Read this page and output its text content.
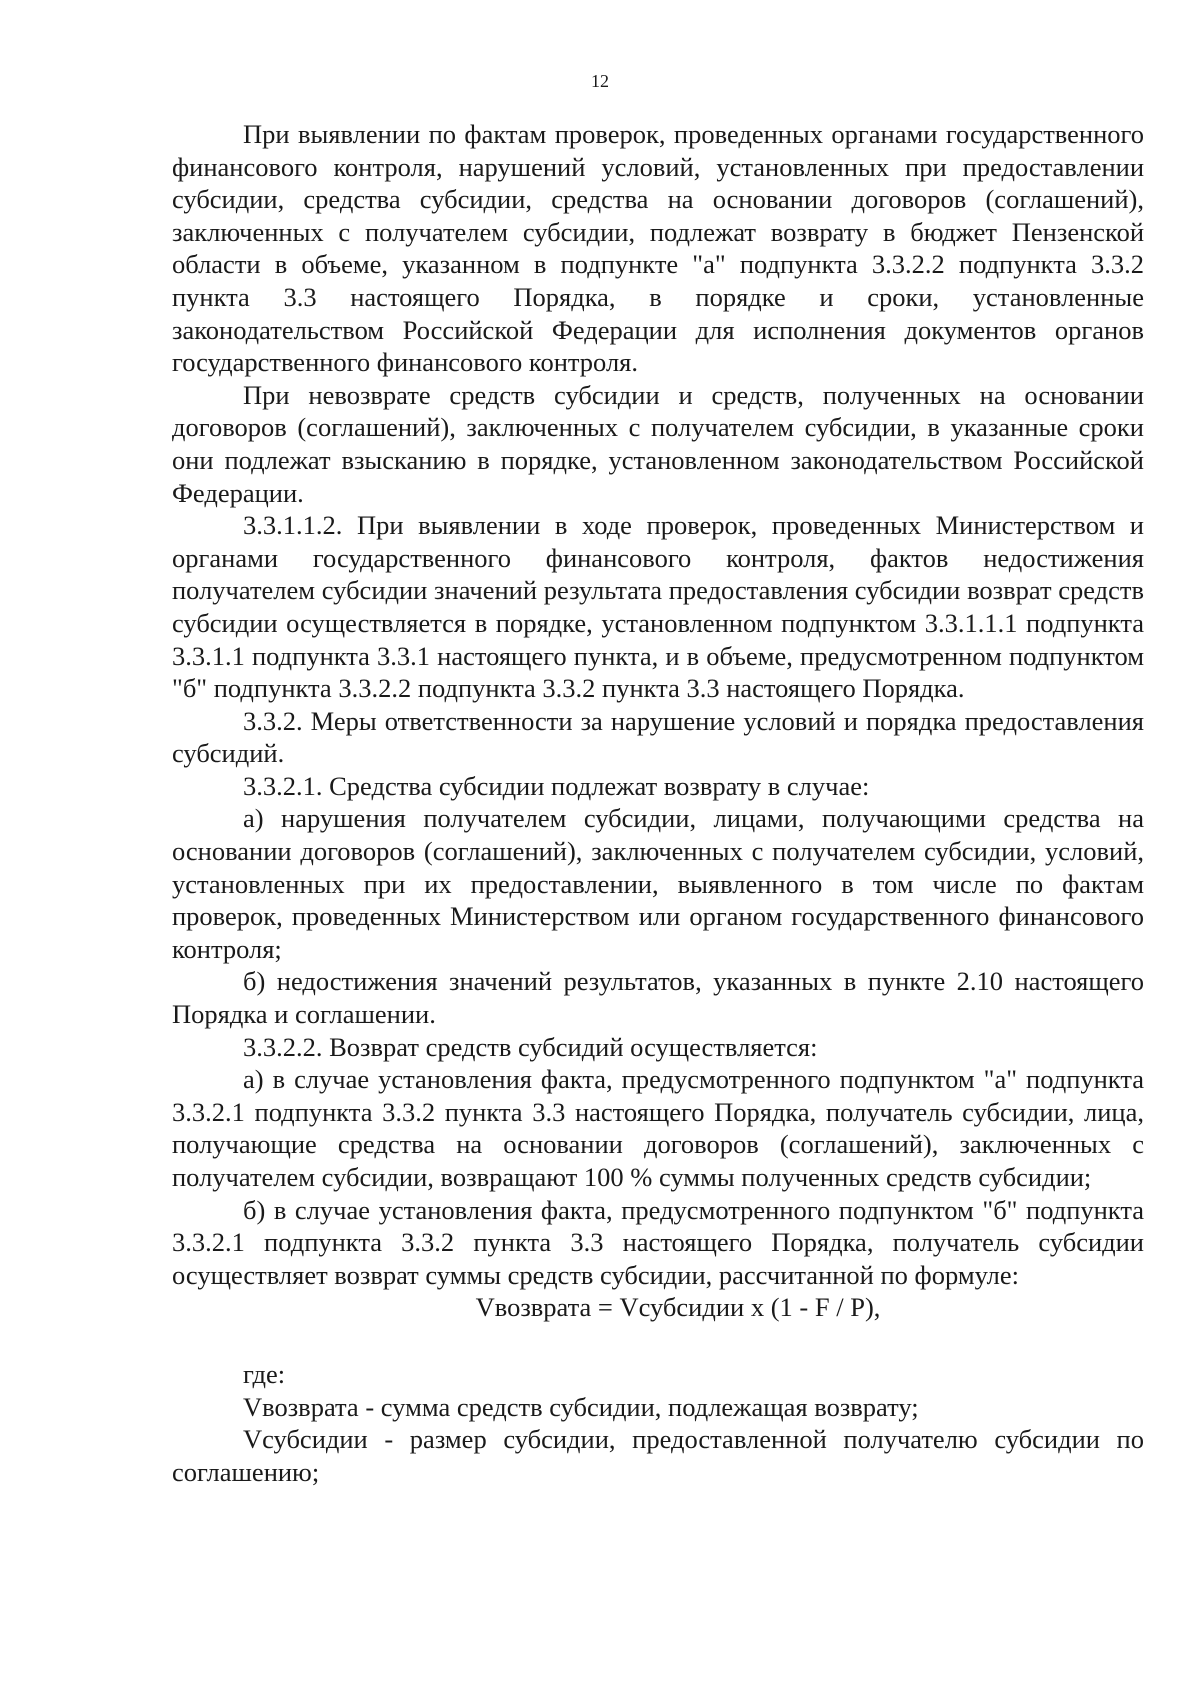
12

При выявлении по фактам проверок, проведенных органами государственного финансового контроля, нарушений условий, установленных при предоставлении субсидии, средства субсидии, средства на основании договоров (соглашений), заключенных с получателем субсидии, подлежат возврату в бюджет Пензенской области в объеме, указанном в подпункте "а" подпункта 3.3.2.2 подпункта 3.3.2 пункта 3.3 настоящего Порядка, в порядке и сроки, установленные законодательством Российской Федерации для исполнения документов органов государственного финансового контроля.

При невозврате средств субсидии и средств, полученных на основании договоров (соглашений), заключенных с получателем субсидии, в указанные сроки они подлежат взысканию в порядке, установленном законодательством Российской Федерации.

3.3.1.1.2. При выявлении в ходе проверок, проведенных Министерством и органами государственного финансового контроля, фактов недостижения получателем субсидии значений результата предоставления субсидии возврат средств субсидии осуществляется в порядке, установленном подпунктом 3.3.1.1.1 подпункта 3.3.1.1 подпункта 3.3.1 настоящего пункта, и в объеме, предусмотренном подпунктом "б" подпункта 3.3.2.2 подпункта 3.3.2 пункта 3.3 настоящего Порядка.

3.3.2. Меры ответственности за нарушение условий и порядка предоставления субсидий.

3.3.2.1. Средства субсидии подлежат возврату в случае:

а) нарушения получателем субсидии, лицами, получающими средства на основании договоров (соглашений), заключенных с получателем субсидии, условий, установленных при их предоставлении, выявленного в том числе по фактам проверок, проведенных Министерством или органом государственного финансового контроля;

б) недостижения значений результатов, указанных в пункте 2.10 настоящего Порядка и соглашении.

3.3.2.2. Возврат средств субсидий осуществляется:

а) в случае установления факта, предусмотренного подпунктом "а" подпункта 3.3.2.1 подпункта 3.3.2 пункта 3.3 настоящего Порядка, получатель субсидии, лица, получающие средства на основании договоров (соглашений), заключенных с получателем субсидии, возвращают 100 % суммы полученных средств субсидии;

б) в случае установления факта, предусмотренного подпунктом "б" подпункта 3.3.2.1 подпункта 3.3.2 пункта 3.3 настоящего Порядка, получатель субсидии осуществляет возврат суммы средств субсидии, рассчитанной по формуле:

Vвозврата = Vсубсидии x (1 - F / P),

где:

Vвозврата - сумма средств субсидии, подлежащая возврату;

Vсубсидии - размер субсидии, предоставленной получателю субсидии по соглашению;
